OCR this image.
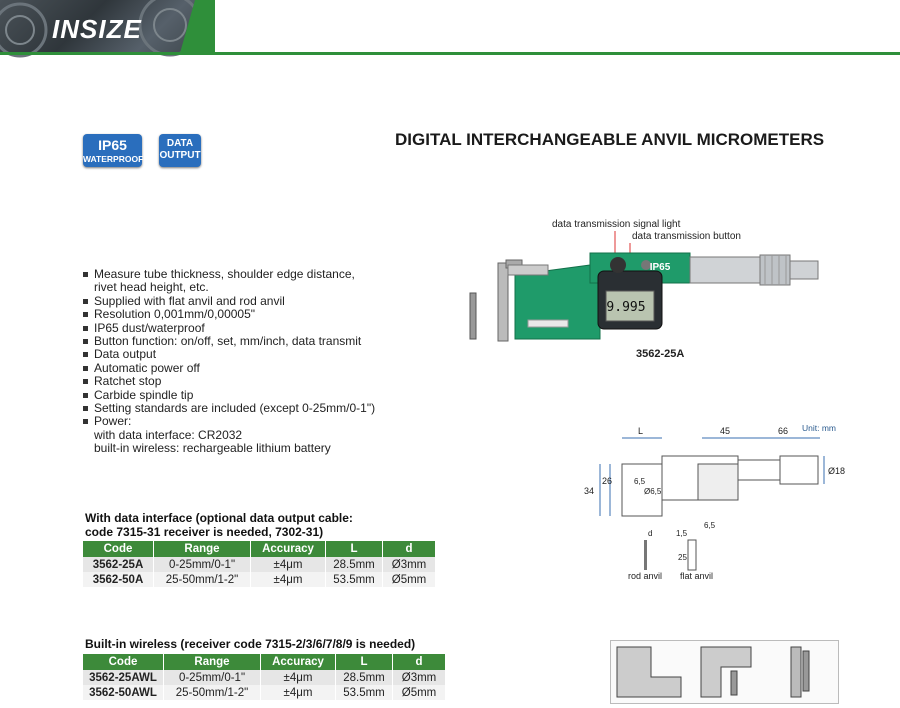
INSIZE
IP65
WATERPROOF
DATA
OUTPUT
DIGITAL INTERCHANGEABLE ANVIL MICROMETERS
Measure tube thickness, shoulder edge distance,
rivet head height, etc.
Supplied with flat anvil and rod anvil
Resolution 0,001mm/0,00005"
IP65 dust/waterproof
Button function: on/off, set, mm/inch, data transmit
Data output
Automatic power off
Ratchet stop
Carbide spindle tip
Setting standards are included (except 0-25mm/0-1")
Power:
with data interface: CR2032
built-in wireless: rechargeable lithium battery
9.995
IP65
data transmission signal light
data transmission button
3562-25A
Unit: mm
L	45	66
Ø18
34
26	6,5
Ø6,5
d	1,5
6,5
25
rod anvil flat anvil
With data interface (optional data output cable:
code 7315-31 receiver is needed, 7302-31)
Code	Range	Accuracy	L	d
3562-25A	0-25mm/0-1"	±4μm	28.5mm	Ø3mm
3562-50A	25-50mm/1-2"	±4μm	53.5mm	Ø5mm
Built-in wireless (receiver code 7315-2/3/6/7/8/9 is needed)
Code	Range	Accuracy	L	d
3562-25AWL	0-25mm/0-1"	±4μm	28.5mm	Ø3mm
3562-50AWL	25-50mm/1-2"	±4μm	53.5mm	Ø5mm
